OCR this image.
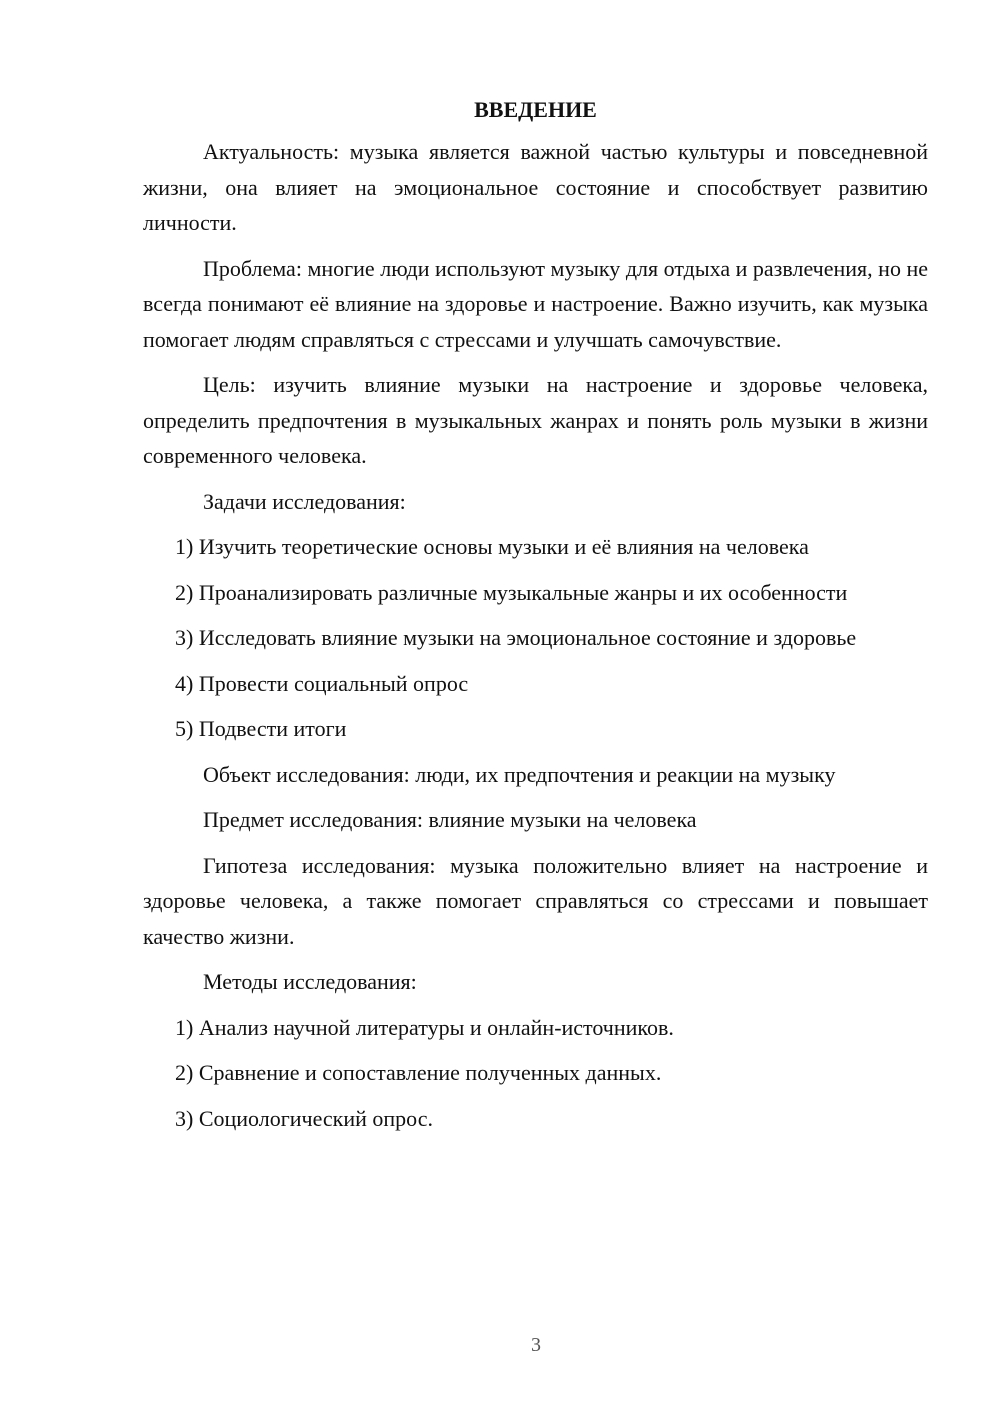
ВВЕДЕНИЕ

Актуальность: музыка является важной частью культуры и повседневной жизни, она влияет на эмоциональное состояние и способствует развитию личности.

Проблема: многие люди используют музыку для отдыха и развлечения, но не всегда понимают её влияние на здоровье и настроение. Важно изучить, как музыка помогает людям справляться с стрессами и улучшать самочувствие.

Цель: изучить влияние музыки на настроение и здоровье человека, определить предпочтения в музыкальных жанрах и понять роль музыки в жизни современного человека.

Задачи исследования:

1) Изучить теоретические основы музыки и её влияния на человека

2) Проанализировать различные музыкальные жанры и их особенности

3) Исследовать влияние музыки на эмоциональное состояние и здоровье

4) Провести социальный опрос

5) Подвести итоги

Объект исследования: люди, их предпочтения и реакции на музыку

Предмет исследования: влияние музыки на человека

Гипотеза исследования: музыка положительно влияет на настроение и здоровье человека, а также помогает справляться со стрессами и повышает качество жизни.

Методы исследования:

1) Анализ научной литературы и онлайн-источников.

2) Сравнение и сопоставление полученных данных.

3) Социологический опрос.

3
